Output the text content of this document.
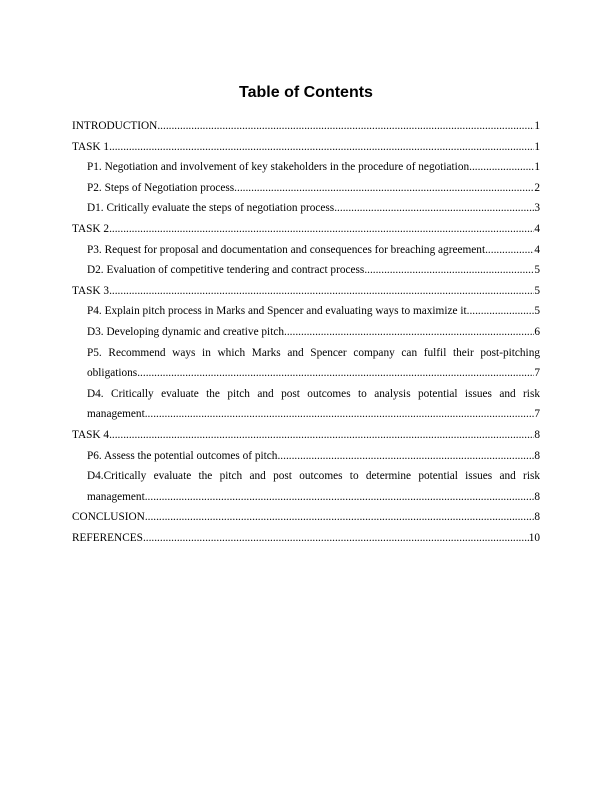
Table of Contents
INTRODUCTION .....	1
TASK 1 .....	1
P1. Negotiation and involvement of key stakeholders in the procedure of negotiation .....	1
P2. Steps of Negotiation process .....	2
D1. Critically evaluate the steps of negotiation process .....	3
TASK 2 .....	4
P3. Request for proposal and documentation and consequences for breaching agreement .....	4
D2. Evaluation of competitive tendering and contract process .....	5
TASK 3 .....	5
P4. Explain pitch process in Marks and Spencer and evaluating ways to maximize it .....	5
D3. Developing dynamic and creative pitch .....	6
P5. Recommend ways in which Marks and Spencer company can fulfil their post-pitching
obligations .....	7
D4. Critically evaluate the pitch and post outcomes to analysis potential issues and risk
management .....	7
TASK 4 .....	8
P6. Assess the potential outcomes of pitch .....	8
D4.Critically evaluate the pitch and post outcomes to determine potential issues and risk
management .....	8
CONCLUSION .....	8
REFERENCES .....	10
